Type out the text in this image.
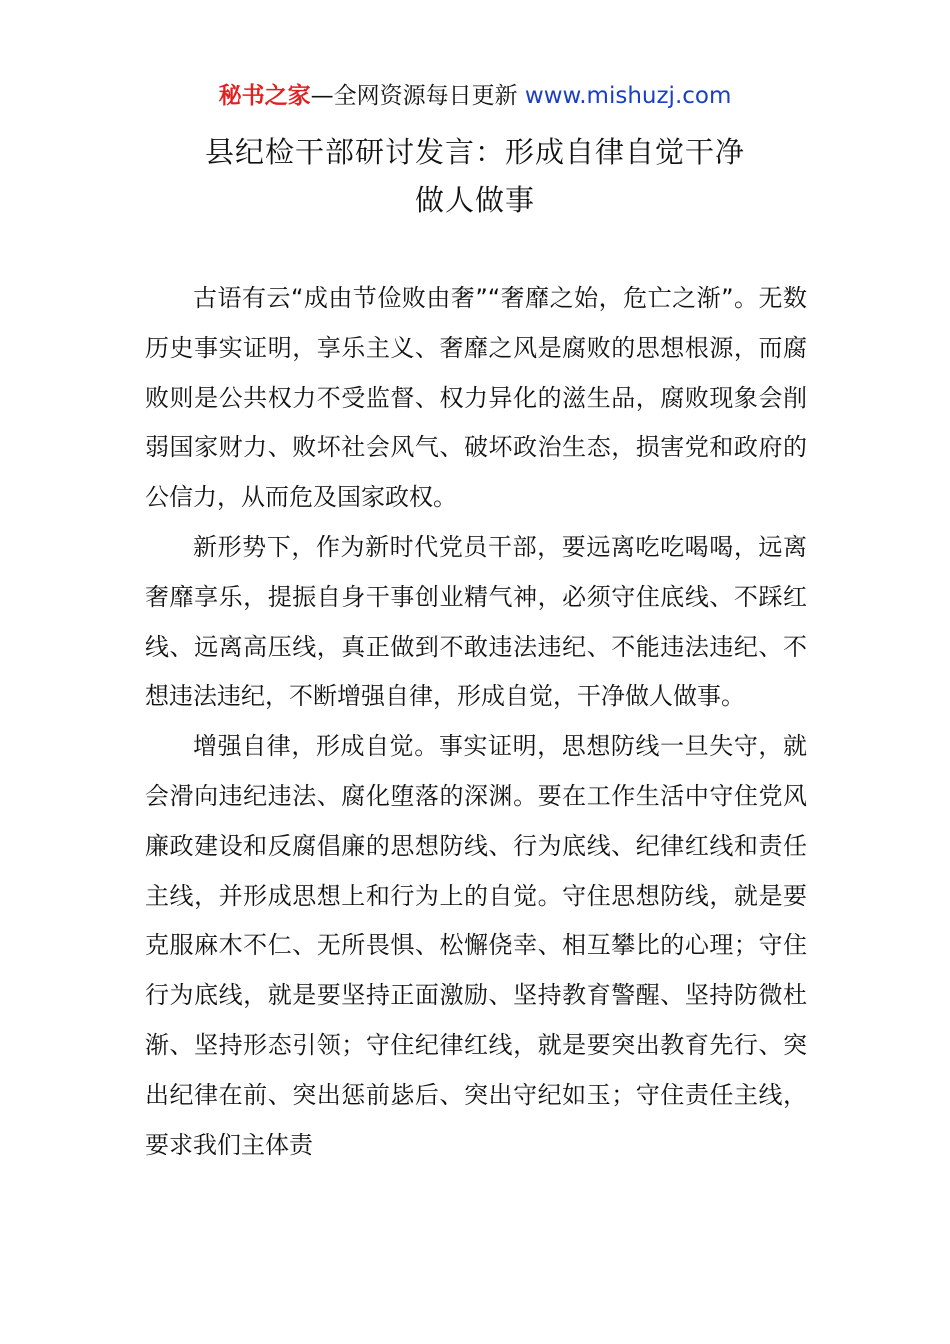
秘书之家—全网资源每日更新 www.mishuzj.com
县纪检干部研讨发言：形成自律自觉干净
做人做事

古语有云“成由节俭败由奢”“奢靡之始，危亡之渐”。无数历史事实证明，享乐主义、奢靡之风是腐败的思想根源，而腐败则是公共权力不受监督、权力异化的滋生品，腐败现象会削弱国家财力、败坏社会风气、破坏政治生态，损害党和政府的公信力，从而危及国家政权。

新形势下，作为新时代党员干部，要远离吃吃喝喝，远离奢靡享乐，提振自身干事创业精气神，必须守住底线、不踩红线、远离高压线，真正做到不敢违法违纪、不能违法违纪、不想违法违纪，不断增强自律，形成自觉，干净做人做事。

增强自律，形成自觉。事实证明，思想防线一旦失守，就会滑向违纪违法、腐化堕落的深渊。要在工作生活中守住党风廉政建设和反腐倡廉的思想防线、行为底线、纪律红线和责任主线，并形成思想上和行为上的自觉。守住思想防线，就是要克服麻木不仁、无所畏惧、松懈侥幸、相互攀比的心理；守住行为底线，就是要坚持正面激励、坚持教育警醒、坚持防微杜渐、坚持形态引领；守住纪律红线，就是要突出教育先行、突出纪律在前、突出惩前毖后、突出守纪如玉；守住责任主线，要求我们主体责
